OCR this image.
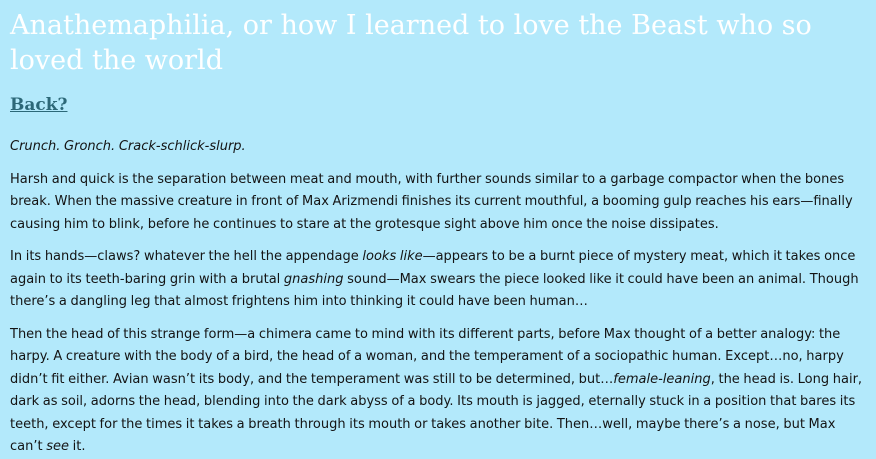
Anathemaphilia, or how I learned to love the Beast who so loved the world
Back?

Crunch. Gronch. Crack-schlick-slurp.

Harsh and quick is the separation between meat and mouth, with further sounds similar to a garbage compactor when the bones break. When the massive creature in front of Max Arizmendi finishes its current mouthful, a booming gulp reaches his ears—finally causing him to blink, before he continues to stare at the grotesque sight above him once the noise dissipates.

In its hands—claws? whatever the hell the appendage looks like—appears to be a burnt piece of mystery meat, which it takes once again to its teeth-baring grin with a brutal gnashing sound—Max swears the piece looked like it could have been an animal. Though there’s a dangling leg that almost frightens him into thinking it could have been human…

Then the head of this strange form—a chimera came to mind with its different parts, before Max thought of a better analogy: the harpy. A creature with the body of a bird, the head of a woman, and the temperament of a sociopathic human. Except…no, harpy didn’t fit either. Avian wasn’t its body, and the temperament was still to be determined, but…female-leaning, the head is. Long hair, dark as soil, adorns the head, blending into the dark abyss of a body. Its mouth is jagged, eternally stuck in a position that bares its teeth, except for the times it takes a breath through its mouth or takes another bite. Then…well, maybe there’s a nose, but Max can’t see it.
